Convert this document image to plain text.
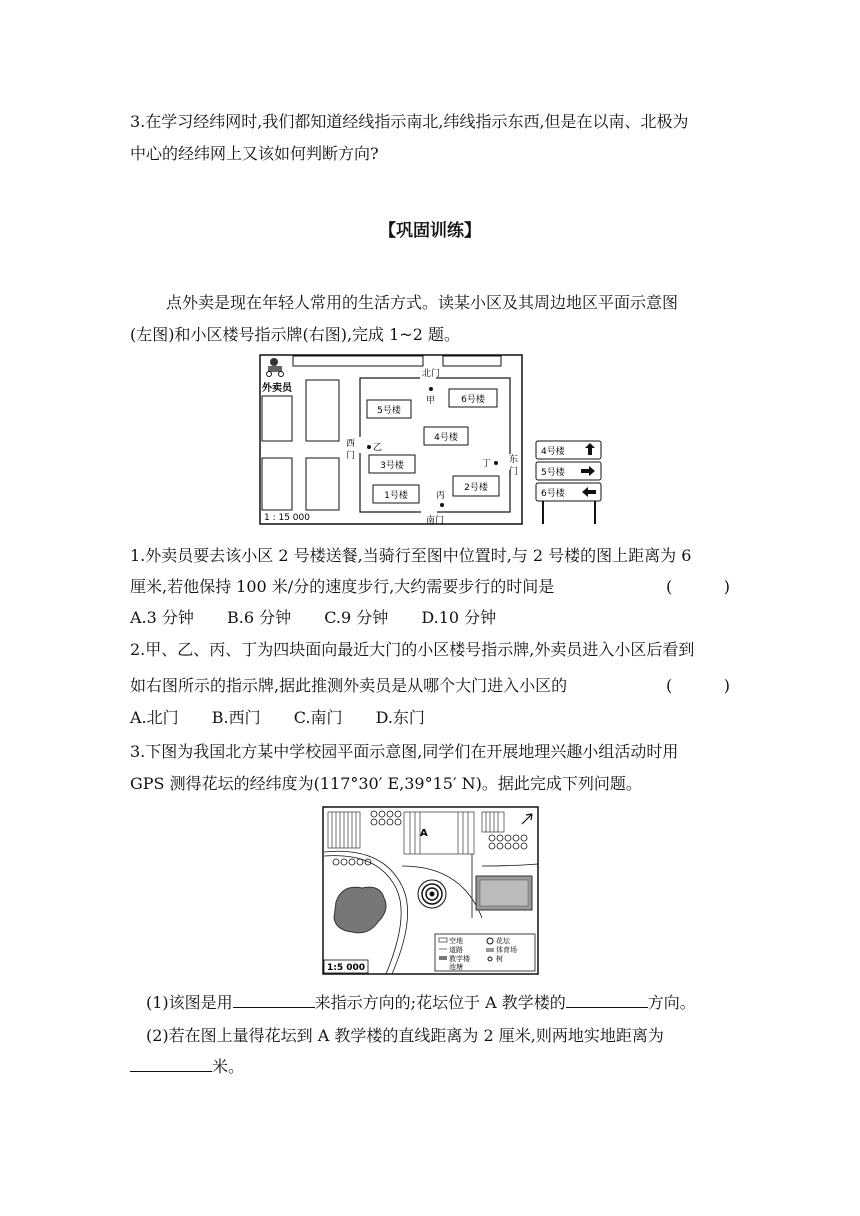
3.在学习经纬网时,我们都知道经线指示南北,纬线指示东西,但是在以南、北极为
中心的经纬网上又该如何判断方向?
【巩固训练】
点外卖是现在年轻人常用的生活方式。读某小区及其周边地区平面示意图
(左图)和小区楼号指示牌(右图),完成 1~2 题。
外卖员
北门
南门
西
门	东
门
甲
乙
丙
丁
5号楼
6号楼
4号楼
3号楼
1号楼
2号楼
1 : 15 000
4号楼
5号楼
6号楼
1.外卖员要去该小区 2 号楼送餐,当骑行至图中位置时,与 2 号楼的图上距离为 6
厘米,若他保持 100 米/分的速度步行,大约需要步行的时间是	(	)
A.3 分钟 B.6 分钟 C.9 分钟 D.10 分钟
2.甲、乙、丙、丁为四块面向最近大门的小区楼号指示牌,外卖员进入小区后看到
如右图所示的指示牌,据此推测外卖员是从哪个大门进入小区的	(	)
A.北门 B.西门 C.南门 D.东门
3.下图为我国北方某中学校园平面示意图,同学们在开展地理兴趣小组活动时用
GPS 测得花坛的经纬度为(117°30′ E,39°15′ N)。据此完成下列问题。
A
空地
道路
教学楼
池塘
花坛
体育场
树
1:5 000
(1)该图是用	来指示方向的;花坛位于 A 教学楼的	方向。
(2)若在图上量得花坛到 A 教学楼的直线距离为 2 厘米,则两地实地距离为
米。
